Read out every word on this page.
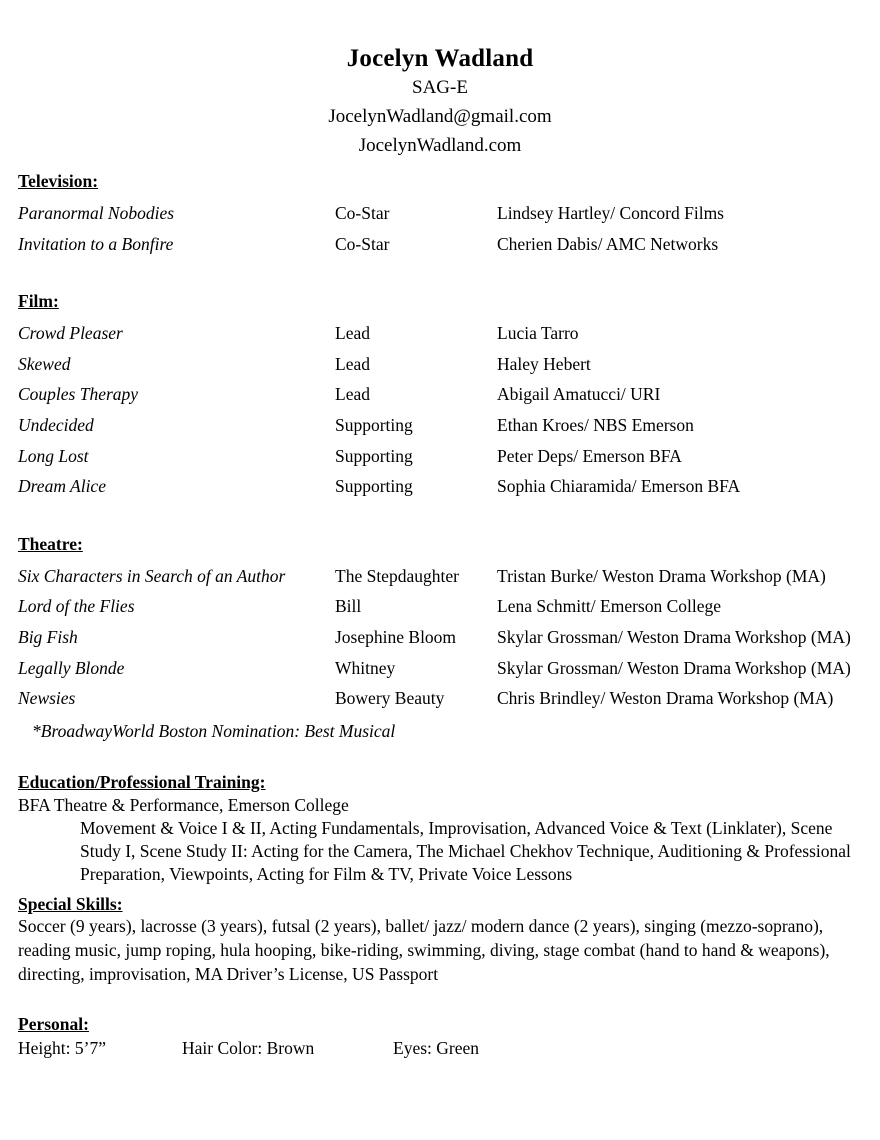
Jocelyn Wadland
SAG-E
JocelynWadland@gmail.com
JocelynWadland.com
Television:
Paranormal Nobodies	Co-Star	Lindsey Hartley/ Concord Films
Invitation to a Bonfire	Co-Star	Cherien Dabis/ AMC Networks
Film:
Crowd Pleaser	Lead	Lucia Tarro
Skewed	Lead	Haley Hebert
Couples Therapy	Lead	Abigail Amatucci/ URI
Undecided	Supporting	Ethan Kroes/ NBS Emerson
Long Lost	Supporting	Peter Deps/ Emerson BFA
Dream Alice	Supporting	Sophia Chiaramida/ Emerson BFA
Theatre:
Six Characters in Search of an Author	The Stepdaughter	Tristan Burke/ Weston Drama Workshop (MA)
Lord of the Flies	Bill	Lena Schmitt/ Emerson College
Big Fish	Josephine Bloom	Skylar Grossman/ Weston Drama Workshop (MA)
Legally Blonde	Whitney	Skylar Grossman/ Weston Drama Workshop (MA)
Newsies	Bowery Beauty	Chris Brindley/ Weston Drama Workshop (MA)
*BroadwayWorld Boston Nomination: Best Musical
Education/Professional Training:
BFA Theatre & Performance, Emerson College
Movement & Voice I & II, Acting Fundamentals, Improvisation, Advanced Voice & Text (Linklater), Scene Study I, Scene Study II: Acting for the Camera, The Michael Chekhov Technique, Auditioning & Professional Preparation, Viewpoints, Acting for Film & TV, Private Voice Lessons
Special Skills:
Soccer (9 years), lacrosse (3 years), futsal (2 years), ballet/ jazz/ modern dance (2 years), singing (mezzo-soprano), reading music, jump roping, hula hooping, bike-riding, swimming, diving, stage combat (hand to hand & weapons), directing, improvisation, MA Driver’s License, US Passport
Personal:
Height: 5’7”	Hair Color: Brown	Eyes: Green
